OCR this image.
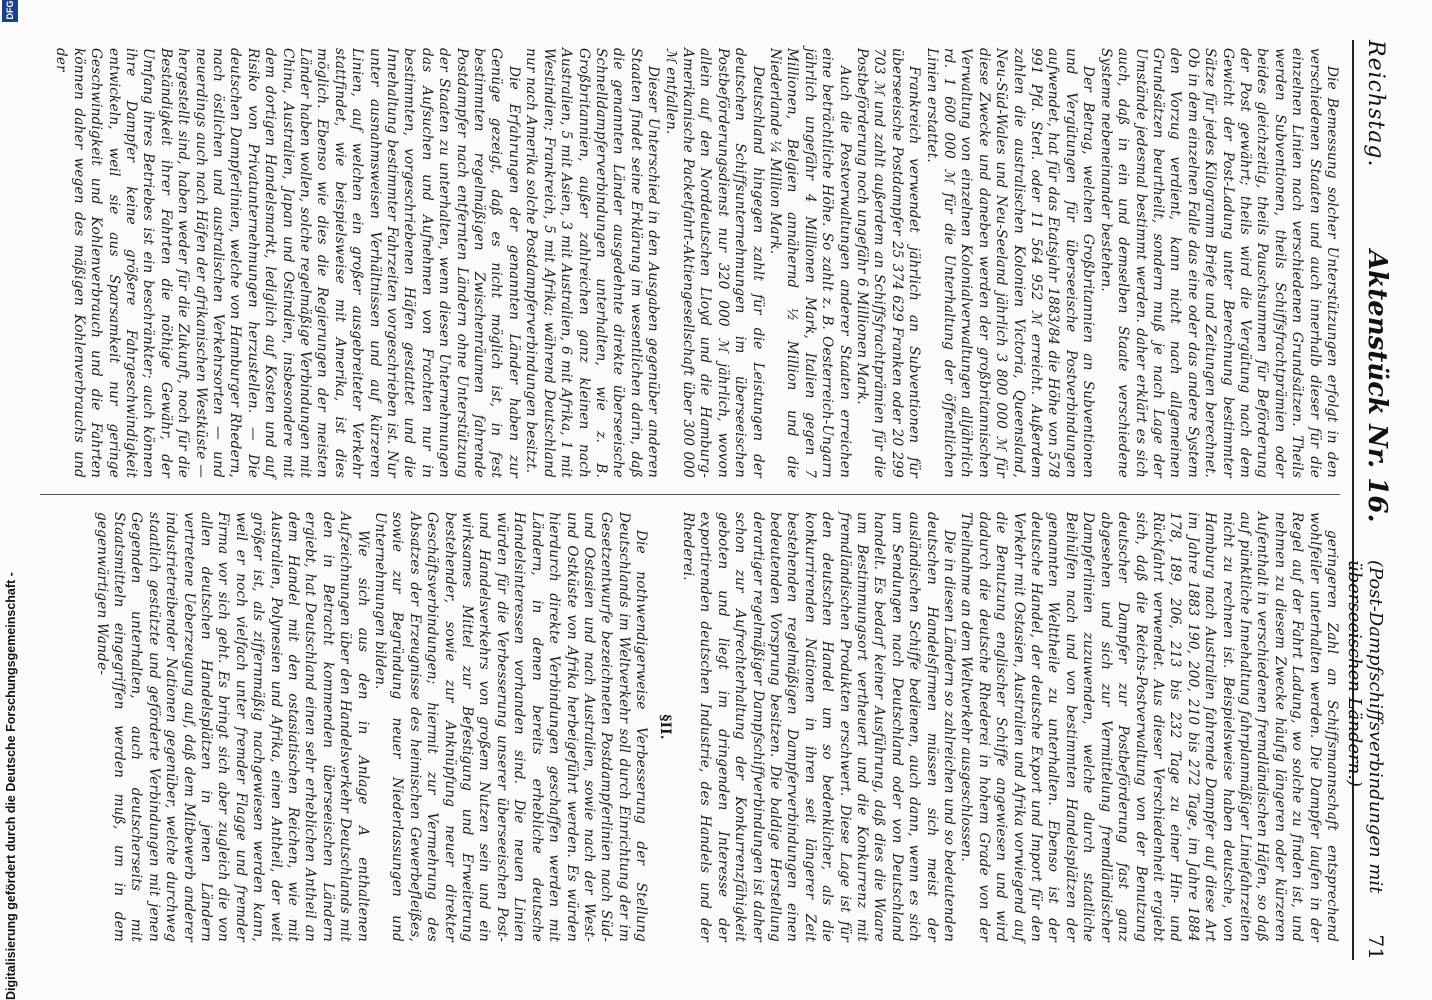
Reichstag.
Aktenstück Nr. 16.
(Post-Dampfschiffsverbindungen mit überseeischen Ländern.)
71

Die Bemessung solcher Unterstützungen erfolgt in den verschiedenen Staaten und auch innerhalb dieser für die einzelnen Linien nach verschiedenen Grundsätzen. Theils werden Subventionen, theils Schiffsfrachtprämien oder beides gleichzeitig, theils Pauschsummen für Beförderung der Post gewährt; theils wird die Vergütung nach dem Gewicht der Post-Ladung unter Berechnung bestimmter Sätze für jedes Kilogramm Briefe und Zeitungen berechnet. Ob in dem einzelnen Falle das eine oder das andere System den Vorzug verdient, kann nicht nach allgemeinen Grundsätzen beurtheilt, sondern muß je nach Lage der Umstände jedesmal bestimmt werden. daher erklärt es sich auch, daß in ein und demselben Staate verschiedene Systeme nebeneinander bestehen.

Der Betrag, welchen Großbritannien an Subventionen und Vergütungen für überseeische Postverbindungen aufwendet, hat für das Etatsjahr 1883/84 die Höhe von 578 991 Pfd. Sterl. oder 11 564 952 ℳ erreicht. Außerdem zahlen die australischen Kolonien Victoria, Queensland, Neu-Süd-Wales und Neu-Seeland jährlich 3 800 000 ℳ für diese Zwecke und daneben werden der großbritannischen Verwaltung von einzelnen Kolonialverwaltungen alljährlich rd. 1 600 000 ℳ für die Unterhaltung der öffentlichen Linien erstattet.

Frankreich verwendet jährlich an Subventionen für überseeische Postdampfer 25 374 629 Franken oder 20 299 703 ℳ und zahlt außerdem an Schiffsfrachtprämien für die Postbeförderung noch ungefähr 6 Millionen Mark.

Auch die Postverwaltungen anderer Staaten erreichen eine beträchtliche Höhe. So zahlt z. B. Oesterreich-Ungarn jährlich ungefähr 4 Millionen Mark, Italien gegen 7 Millionen, Belgien annähernd ½ Million und die Niederlande ¼ Million Mark.

Deutschland hingegen zahlt für die Leistungen der deutschen Schiffsunternehmungen im überseeischen Postbeförderungsdienst nur 320 000 ℳ jährlich, wovon allein auf den Norddeutschen Lloyd und die Hamburg-Amerikanische Packetfahrt-Aktiengesellschaft über 300 000 ℳ entfallen.

Dieser Unterschied in den Ausgaben gegenüber anderen Staaten findet seine Erklärung im wesentlichen darin, daß die genannten Länder ausgedehnte direkte überseeische Schnelldampferverbindungen unterhalten, wie z. B. Großbritannien, außer zahlreichen ganz kleinen nach Australien, 5 mit Asien, 3 mit Australien, 6 mit Afrika, 1 mit Westindien; Frankreich, 5 mit Afrika; während Deutschland nur nach Amerika solche Postdampferverbindungen besitzt.

Die Erfahrungen der genannten Länder haben zur Genüge gezeigt, daß es nicht möglich ist, in fest bestimmten regelmäßigen Zwischenräumen fahrende Postdampfer nach entfernten Ländern ohne Unterstützung der Staaten zu unterhalten, wenn diesen Unternehmungen das Aufsuchen und Aufnehmen von Frachten nur in bestimmten, vorgeschriebenen Häfen gestattet und die Innehaltung bestimmter Fahrzeiten vorgeschrieben ist. Nur unter ausnahmsweisen Verhältnissen und auf kürzeren Linien, auf welchen ein großer ausgebreiteter Verkehr stattfindet, wie beispielsweise mit Amerika, ist dies möglich. Ebenso wie dies die Regierungen der meisten Länder haben wollen, solche regelmäßige Verbindungen mit China, Australien, Japan und Ostindien, insbesondere mit dem dortigen Handelsmarkt, lediglich auf Kosten und auf Risiko von Privatunternehmungen herzustellen. — Die deutschen Dampferlinien, welche von Hamburger Rhedern, nach östlichen und australischen Verkehrsorten — und neuerdings auch nach Häfen der afrikanischen Westküste — hergestellt sind, haben weder für die Zukunft, noch für die Beständigkeit ihrer Fahrten die nöthige Gewähr, der Umfang ihres Betriebes ist ein beschränkter; auch können ihre Dampfer keine größere Fahrgeschwindigkeit entwickeln, weil sie aus Sparsamkeit nur geringe Geschwindigkeit und Kohlenverbrauch und die Fahrten können daher wegen des mäßigen Kohlenverbrauchs und der

geringeren Zahl an Schiffsmannschaft entsprechend wohlfeiler unterhalten werden. Die Dampfer laufen in der Regel auf der Fahrt Ladung, wo solche zu finden ist, und nehmen zu diesem Zwecke häufig längeren oder kürzeren Aufenthalt in verschiedenen fremdländischen Häfen, so daß auf pünktliche Innehaltung fahrplanmäßiger Liniefahrzeiten nicht zu rechnen ist. Beispielsweise haben deutsche, von Hamburg nach Australien fahrende Dampfer auf diese Art im Jahre 1883 190, 200, 210 bis 272 Tage, im Jahre 1884 178, 189, 206, 213 bis 232 Tage zu einer Hin- und Rückfahrt verwendet. Aus dieser Verschiedenheit ergiebt sich, daß die Reichs-Postverwaltung von der Benutzung deutscher Dampfer zur Postbeförderung fast ganz abgesehen und sich zur Vermittelung fremdländischer Dampferlinien zuzuwenden, welche durch staatliche Beihülfen nach und von bestimmten Handelsplätzen der genannten Welttheile zu unterhalten. Ebenso ist der deutsche Handel, der deutsche Export und Import für den Verkehr mit Ostasien, Australien und Afrika vorwiegend auf die Benutzung englischer Schiffe angewiesen und wird dadurch die deutsche Rhederei in hohem Grade von der Theilnahme an dem Weltverkehr ausgeschlossen.

Die in diesen Ländern so zahlreichen und so bedeutenden deutschen Handelsfirmen müssen sich meist der ausländischen Schiffe bedienen, auch dann, wenn es sich um Sendungen nach Deutschland oder von Deutschland handelt. Es bedarf keiner Ausführung, daß dies die Waare um Bestimmungsort vertheuert und die Konkurrenz mit fremdländischen Produkten erschwert. Diese Lage ist für den deutschen Handel um so bedenklicher, als die konkurrirenden Nationen in ihren seit längerer Zeit bestehenden regelmäßigen Dampferverbindungen einen bedeutenden Vorsprung besitzen. Die baldige Herstellung derartiger regelmäßiger Dampfschiffverbindungen ist daher schon zur Aufrechterhaltung der Konkurrenzfähigkeit geboten und liegt im dringenden Interesse der exportirenden deutschen Industrie, des Handels und der Rhederei.

§II.

Die nothwendigerweise Verbesserung der Stellung Deutschlands im Weltverkehr soll durch Einrichtung der im Gesetzentwurfe bezeichneten Postdampferlinien nach Süd- und Ostasien und nach Australien, sowie nach der West- und Ostküste von Afrika herbeigeführt werden. Es würden hierdurch direkte Verbindungen geschaffen werden mit Ländern, in denen bereits erhebliche deutsche Handelsinteressen vorhanden sind. Die neuen Linien würden für die Verbesserung unserer überseeischen Post- und Handelsverkehrs von großem Nutzen sein und ein wirksames Mittel zur Befestigung und Erweiterung bestehender, sowie zur Anknüpfung neuer direkter Geschäftsverbindungen; hiermit zur Vermehrung des Absatzes der Erzeugnisse des heimischen Gewerbefleißes, sowie zur Begründung neuer Niederlassungen und Unternehmungen bilden.

Wie sich aus den in Anlage A enthaltenen Aufzeichnungen über den Handelsverkehr Deutschlands mit den in Betracht kommenden überseeischen Ländern ergiebt, hat Deutschland einen sehr erheblichen Antheil an dem Handel mit den ostasiatischen Reichen, wie mit Australien, Polynesien und Afrika, einen Antheil, der weit größer ist, als ziffernmäßig nachgewiesen werden kann, weil er noch vielfach unter fremder Flagge und fremder Firma vor sich geht. Es bringt sich aber zugleich die von allen deutschen Handelsplätzen in jenen Ländern vertretene Ueberzeugung auf, daß dem Mitbewerb anderer industrietreibender Nationen gegenüber, welche durchweg staatlich gestützte und geförderte Verbindungen mit jenen Gegenden unterhalten, auch deutscherseits mit Staatsmitteln eingegriffen werden muß, um in dem gegenwärtigen Wande-

Digitalisierung gefördert durch die Deutsche Forschungsgemeinschaft -
DFG
